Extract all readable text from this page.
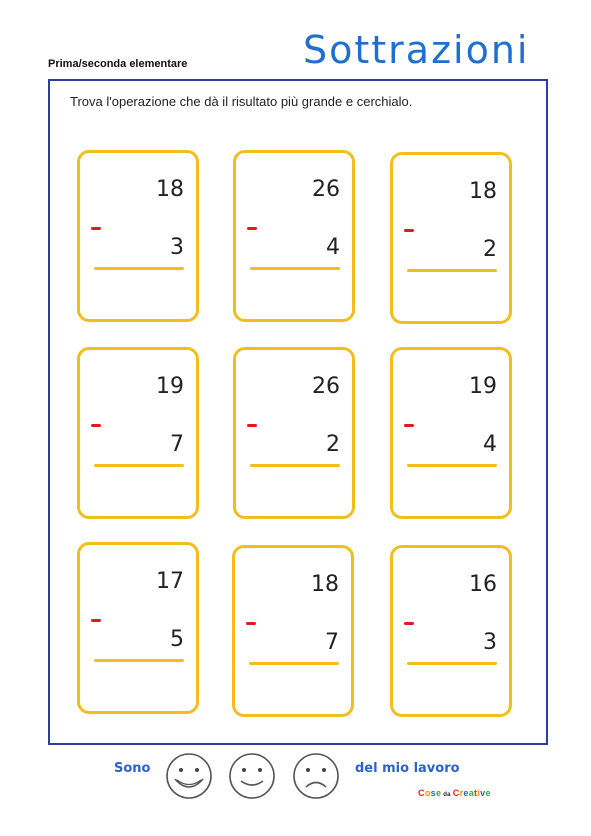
Prima/seconda elementare	Sottrazioni
Trova l'operazione che dà il risultato più grande e cerchialo.
18
3
26
4
18
2
19
7
26
2
19
4
17
5
18
7
16
3
Sono	del mio lavoro
Cose da Creative
